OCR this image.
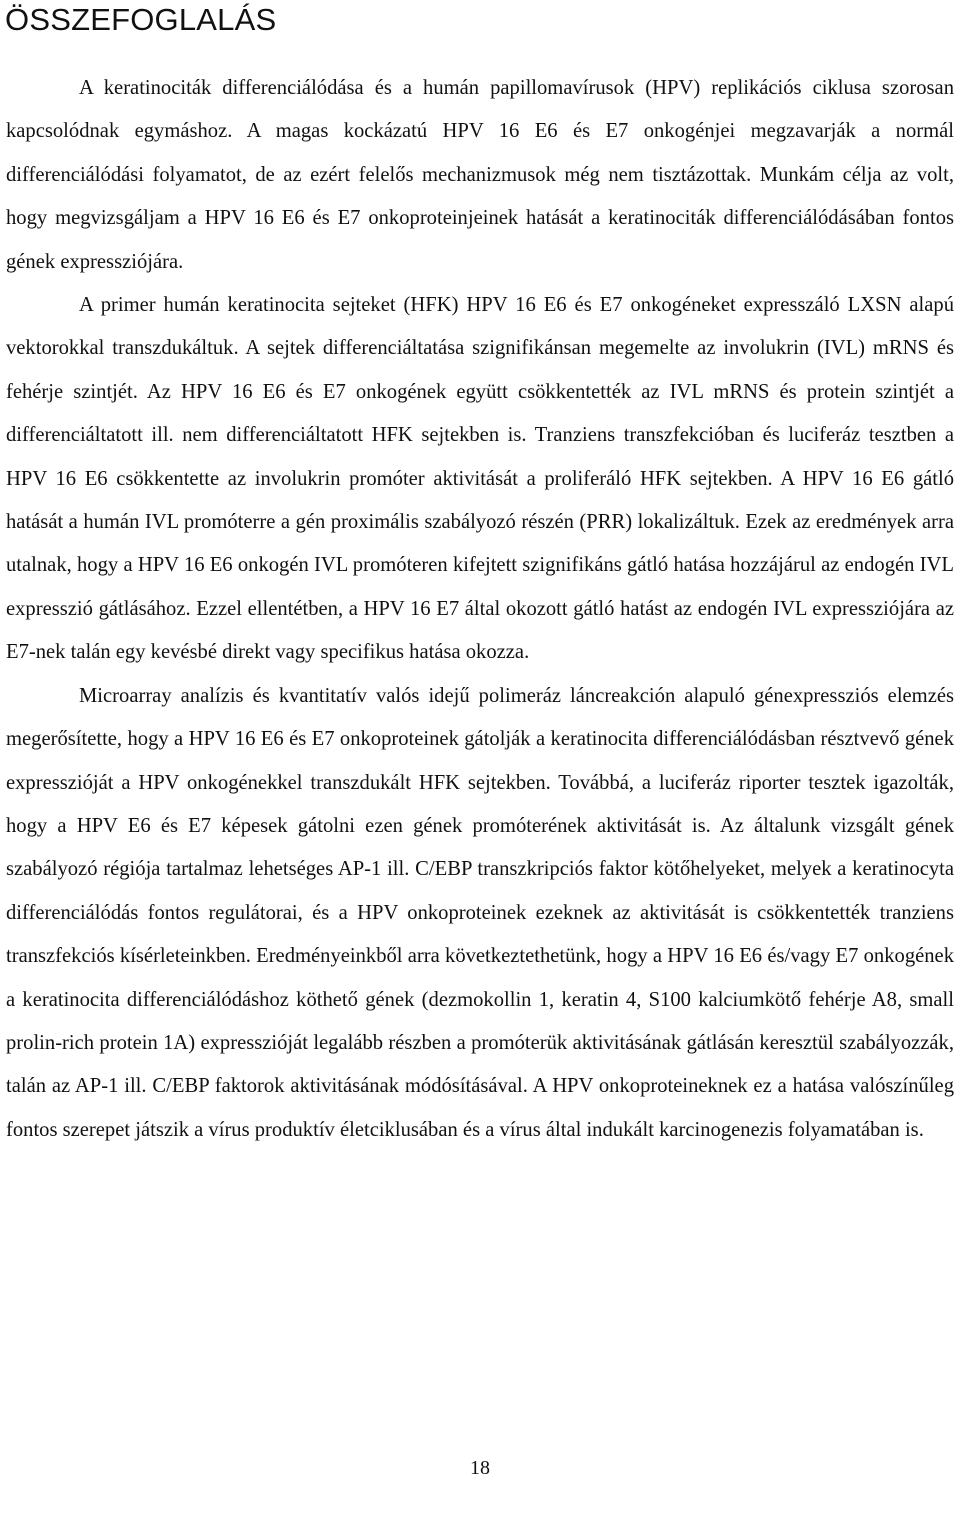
ÖSSZEFOGLALÁS

A keratinociták differenciálódása és a humán papillomavírusok (HPV) replikációs ciklusa szorosan kapcsolódnak egymáshoz. A magas kockázatú HPV 16 E6 és E7 onkogénjei megzavarják a normál differenciálódási folyamatot, de az ezért felelős mechanizmusok még nem tisztázottak. Munkám célja az volt, hogy megvizsgáljam a HPV 16 E6 és E7 onkoproteinjeinek hatását a keratinociták differenciálódásában fontos gének expressziójára.

A primer humán keratinocita sejteket (HFK) HPV 16 E6 és E7 onkogéneket expresszáló LXSN alapú vektorokkal transzdukáltuk. A sejtek differenciáltatása szignifikánsan megemelte az involukrin (IVL) mRNS és fehérje szintjét. Az HPV 16 E6 és E7 onkogének együtt csökkentették az IVL mRNS és protein szintjét a differenciáltatott ill. nem differenciáltatott HFK sejtekben is. Tranziens transzfekcióban és luciferáz tesztben a HPV 16 E6 csökkentette az involukrin promóter aktivitását a proliferáló HFK sejtekben. A HPV 16 E6 gátló hatását a humán IVL promóterre a gén proximális szabályozó részén (PRR) lokalizáltuk. Ezek az eredmények arra utalnak, hogy a HPV 16 E6 onkogén IVL promóteren kifejtett szignifikáns gátló hatása hozzájárul az endogén IVL expresszió gátlásához. Ezzel ellentétben, a HPV 16 E7 által okozott gátló hatást az endogén IVL expressziójára az E7-nek talán egy kevésbé direkt vagy specifikus hatása okozza.

Microarray analízis és kvantitatív valós idejű polimeráz láncreakción alapuló génexpressziós elemzés megerősítette, hogy a HPV 16 E6 és E7 onkoproteinek gátolják a keratinocita differenciálódásban résztvevő gének expresszióját a HPV onkogénekkel transzdukált HFK sejtekben. Továbbá, a luciferáz riporter tesztek igazolták, hogy a HPV E6 és E7 képesek gátolni ezen gének promóterének aktivitását is. Az általunk vizsgált gének szabályozó régiója tartalmaz lehetséges AP-1 ill. C/EBP transzkripciós faktor kötőhelyeket, melyek a keratinocyta differenciálódás fontos regulátorai, és a HPV onkoproteinek ezeknek az aktivitását is csökkentették tranziens transzfekciós kísérleteinkben. Eredményeinkből arra következtethetünk, hogy a HPV 16 E6 és/vagy E7 onkogének a keratinocita differenciálódáshoz köthető gének (dezmokollin 1, keratin 4, S100 kalciumkötő fehérje A8, small prolin-rich protein 1A) expresszióját legalább részben a promóterük aktivitásának gátlásán keresztül szabályozzák, talán az AP-1 ill. C/EBP faktorok aktivitásának módósításával. A HPV onkoproteineknek ez a hatása valószínűleg fontos szerepet játszik a vírus produktív életciklusában és a vírus által indukált karcinogenezis folyamatában is.

18
